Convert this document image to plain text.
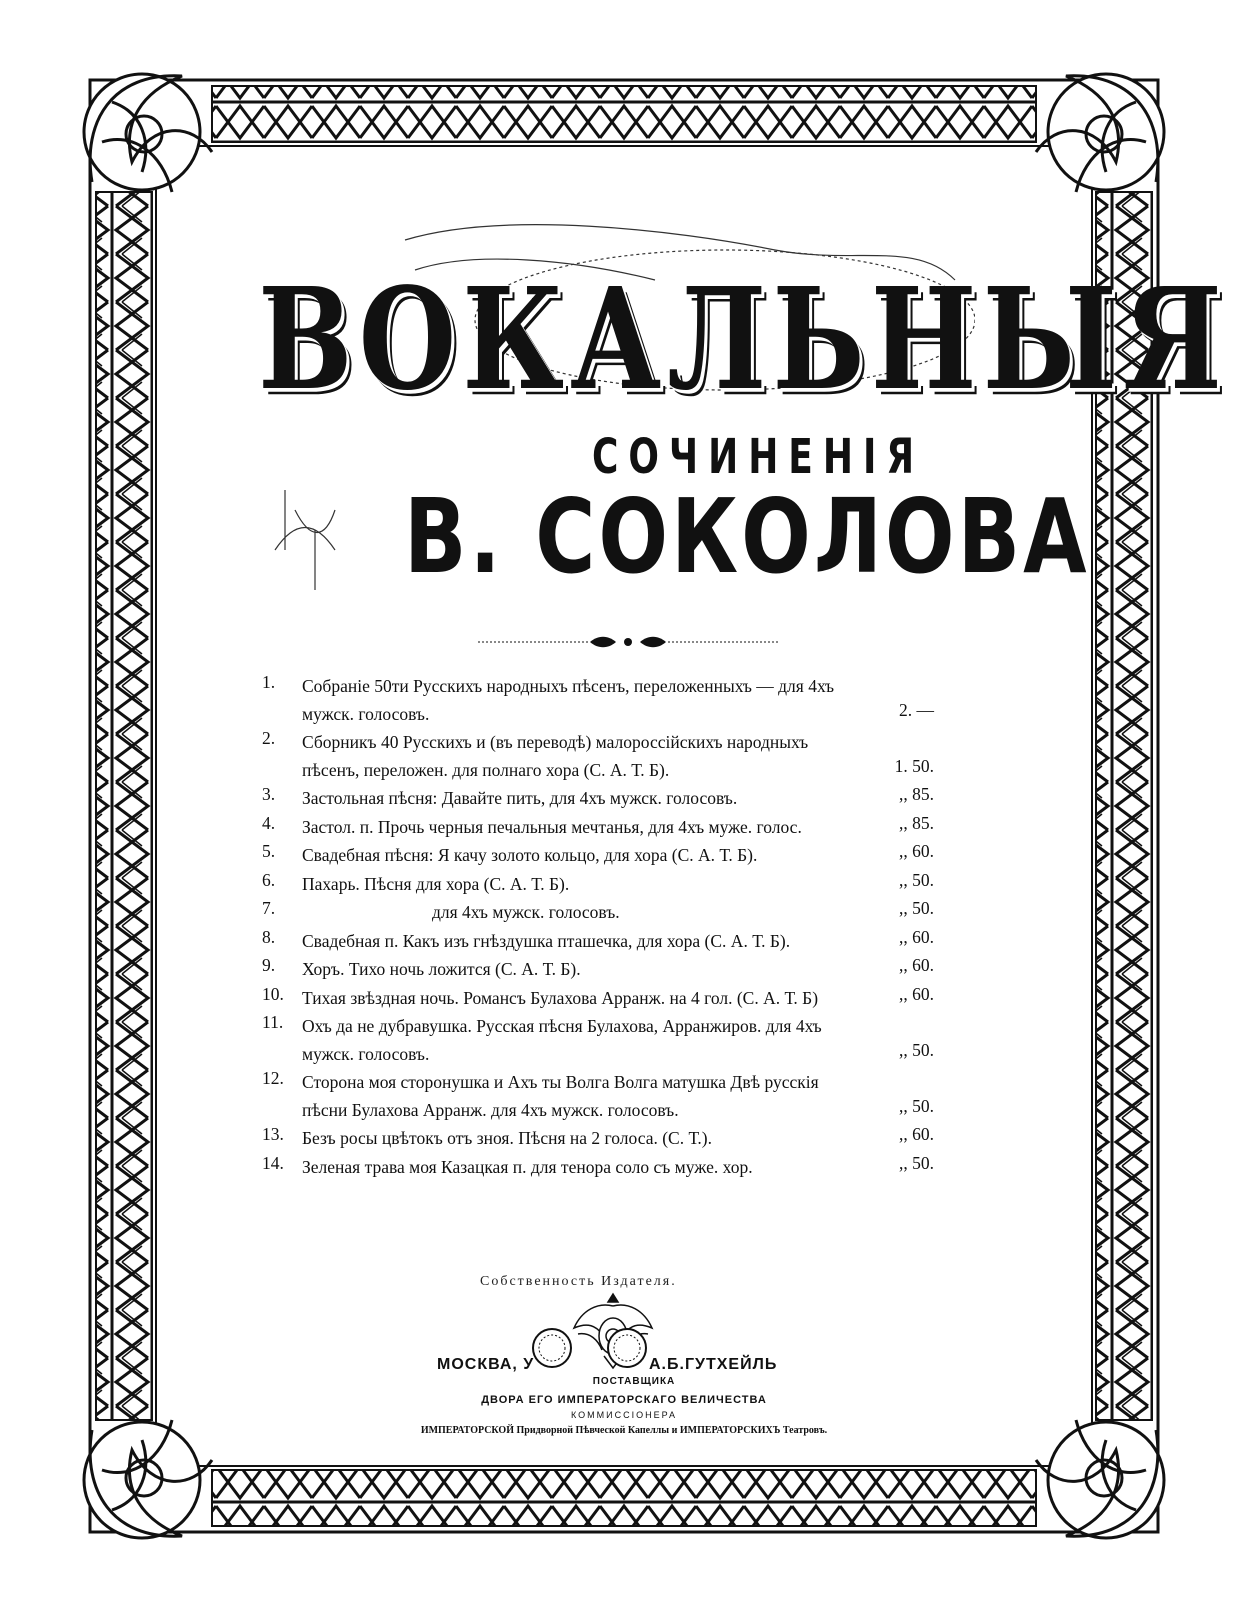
ВОКАЛЬНЫЯ
СОЧИНЕНІЯ
В. СОКОЛОВА
1.	Собраніе 50ти Русскихъ народныхъ пѣсенъ, переложенныхъ — для 4хъ мужск. голосовъ.	2. —
2.	Сборникъ 40 Русскихъ и (въ переводѣ) малороссійскихъ народныхъ пѣсенъ, переложен. для полнаго хора (С. А. Т. Б).	1. 50.
3.	Застольная пѣсня: Давайте пить, для 4хъ мужск. голосовъ.	,, 85.
4.	Застол. п. Прочь черныя печальныя мечтанья, для 4хъ муже. голос.	,, 85.
5.	Свадебная пѣсня: Я качу золото кольцо, для хора (С. А. Т. Б).	,, 60.
6.	Пахарь. Пѣсня для хора (С. А. Т. Б).	,, 50.
7.	для 4хъ мужск. голосовъ.	,, 50.
8.	Свадебная п. Какъ изъ гнѣздушка пташечка, для хора (С. А. Т. Б).	,, 60.
9.	Хоръ. Тихо ночь ложится (С. А. Т. Б).	,, 60.
10.	Тихая звѣздная ночь. Романсъ Булахова Арранж. на 4 гол. (С. А. Т. Б)	,, 60.
11.	Охъ да не дубравушка. Русская пѣсня Булахова, Арранжиров. для 4хъ мужск. голосовъ.	,, 50.
12.	Сторона моя сторонушка и Ахъ ты Волга Волга матушка Двѣ русскія пѣсни Булахова Арранж. для 4хъ мужск. голосовъ.	,, 50.
13.	Безъ росы цвѣтокъ отъ зноя. Пѣсня на 2 голоса. (С. Т.).	,, 60.
14.	Зеленая трава моя Казацкая п. для тенора соло съ муже. хор.	,, 50.
Собственность Издателя.
МОСКВА, У	А.Б.ГУТХЕЙЛЬ
ПОСТАВЩИКА
ДВОРА ЕГО ИМПЕРАТОРСКАГО ВЕЛИЧЕСТВА
КОММИССІОНЕРА
ИМПЕРАТОРСКОЙ Придворной Пѣвческой Капеллы и ИМПЕРАТОРСКИХЪ Театровъ.
